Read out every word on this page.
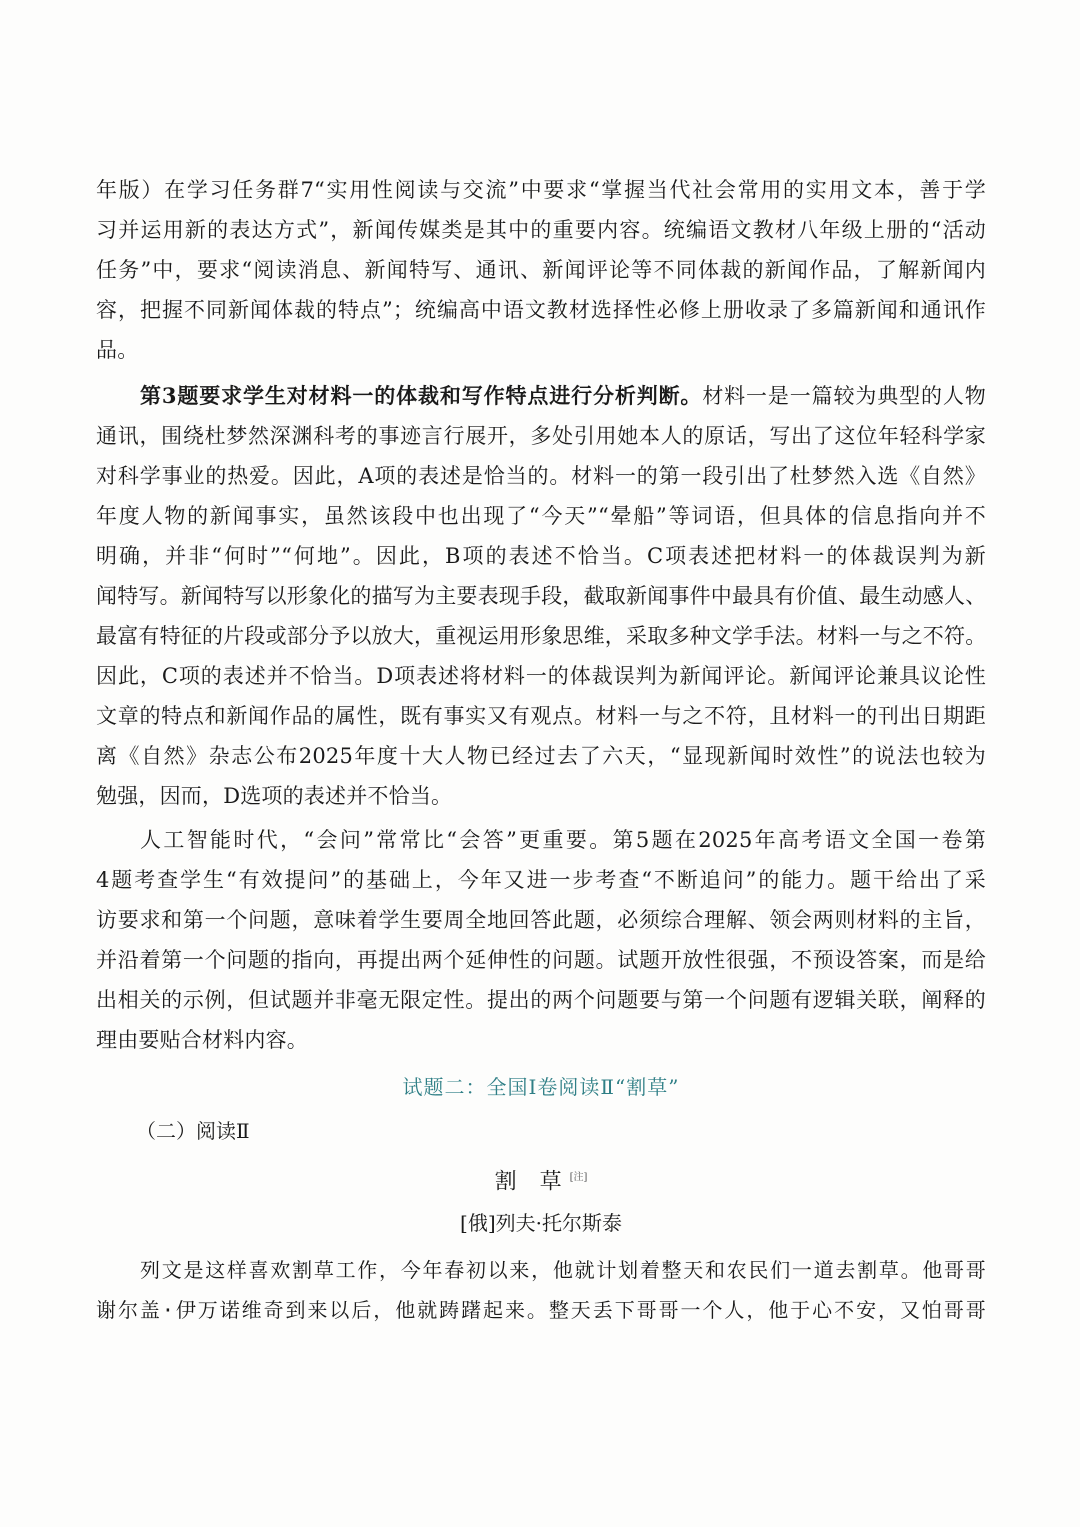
年版）在学习任务群7“实用性阅读与交流”中要求“掌握当代社会常用的实用文本，善于学
习并运用新的表达方式”，新闻传媒类是其中的重要内容。统编语文教材八年级上册的“活动
任务”中，要求“阅读消息、新闻特写、通讯、新闻评论等不同体裁的新闻作品，了解新闻内
容，把握不同新闻体裁的特点”；统编高中语文教材选择性必修上册收录了多篇新闻和通讯作
品。
第3题要求学生对材料一的体裁和写作特点进行分析判断。材料一是一篇较为典型的人物
通讯，围绕杜梦然深渊科考的事迹言行展开，多处引用她本人的原话，写出了这位年轻科学家
对科学事业的热爱。因此，A项的表述是恰当的。材料一的第一段引出了杜梦然入选《自然》
年度人物的新闻事实，虽然该段中也出现了“今天”“晕船”等词语，但具体的信息指向并不
明确，并非“何时”“何地”。因此，B项的表述不恰当。C项表述把材料一的体裁误判为新
闻特写。新闻特写以形象化的描写为主要表现手段，截取新闻事件中最具有价值、最生动感人、
最富有特征的片段或部分予以放大，重视运用形象思维，采取多种文学手法。材料一与之不符。
因此，C项的表述并不恰当。D项表述将材料一的体裁误判为新闻评论。新闻评论兼具议论性
文章的特点和新闻作品的属性，既有事实又有观点。材料一与之不符，且材料一的刊出日期距
离《自然》杂志公布2025年度十大人物已经过去了六天，“显现新闻时效性”的说法也较为
勉强，因而，D选项的表述并不恰当。
人工智能时代，“会问”常常比“会答”更重要。第5题在2025年高考语文全国一卷第
4题考查学生“有效提问”的基础上，今年又进一步考查“不断追问”的能力。题干给出了采
访要求和第一个问题，意味着学生要周全地回答此题，必须综合理解、领会两则材料的主旨，
并沿着第一个问题的指向，再提出两个延伸性的问题。试题开放性很强，不预设答案，而是给
出相关的示例，但试题并非毫无限定性。提出的两个问题要与第一个问题有逻辑关联，阐释的
理由要贴合材料内容。
试题二：全国Ⅰ卷阅读Ⅱ“割草”
（二）阅读Ⅱ
割 草[注]
[俄]列夫·托尔斯泰
列文是这样喜欢割草工作，今年春初以来，他就计划着整天和农民们一道去割草。他哥哥
谢尔盖·伊万诺维奇到来以后，他就踌躇起来。整天丢下哥哥一个人，他于心不安，又怕哥哥
